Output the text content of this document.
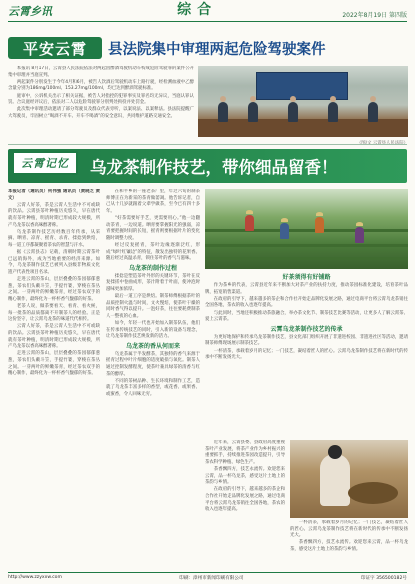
云霄乡讯	综合	2022年8月19日 第四版
平安云霄 县法院集中审理两起危险驾驶案件

本报讯 8月17日，云霄县人民法院依法对两起因醉酒驾驶机动车构成危险驾驶罪的案件公开集中审理并当庭宣判。

两起案件分别发生于今年4月和6月，被告人饮酒后驾驶机动车上路行驶，经检测血液中乙醇含量分别为186mg/100ml、153.27mg/100ml，均已达到醉酒驾驶标准。

庭审中，公诉机关出示了相关证据，被告人对指控的犯罪事实及罪名均无异议，当庭认罪认罚。合议庭经评议后，依法对二人以危险驾驶罪分别判处拘役并处罚金。

此次集中审理活动邀请了部分驾驶员及群众代表旁听，以案说法、以案释法。县法院提醒广大驾驶员，牢固树立“喝酒不开车、开车不喝酒”的安全意识，共同维护道路交通安全。

（图/文 云霄县人民法院）
云霄记忆 乌龙茶制作技艺，带你细品留香！

本报记者（通讯员）何伟强 通讯员（黄晓芝 黄文）

云霄人好茶，茶是云霄人生活中不可或缺的饮品。云霄县茶叶种植历史悠久，早在唐代就有茶叶种植，明清时期已形成较大规模，所产乌龙茶以香高味醇著称。

乌龙茶制作技艺历经数百年传承，从采摘、晒青、凉青、摇青、杀青、揉捻到烘焙，每一道工序都凝聚着茶农的智慧与汗水。

据《云霄县志》记载，清朝时期云霄茶叶已远销海外，成为当地重要的经济来源。如今，乌龙茶制作技艺已被列入县级非物质文化遗产代表性项目名录。

走进云霄的茶山，层层叠叠的茶园郁郁葱葱，茶农们头戴斗笠，手提竹篓，穿梭在茶丛之间。一芽两叶的鲜嫩茶青，经过茶农双手的精心制作，最终化为一杯杯香气馥郁的好茶。

老茶人说，做茶要看天、看青、看火候，每一批茶的品质都离不开制茶人的经验。正是这份坚守，让云霄乌龙茶的味道代代相传。

云霄人好茶，茶是云霄人生活中不可或缺的饮品。云霄县茶叶种植历史悠久，早在唐代就有茶叶种植，明清时期已形成较大规模，所产乌龙茶以香高味醇著称。

走进云霄的茶山，层层叠叠的茶园郁郁葱葱，茶农们头戴斗笠，手提竹篓，穿梭在茶丛之间。一芽两叶的鲜嫩茶青，经过茶农双手的精心制作，最终化为一杯杯香气馥郁的好茶。

在和平乡的一座老茶厂里，年过六旬的制茶师傅正在为新采的茶青做萎凋。他告诉记者，自己从十几岁就跟着父辈学做茶，至今已有四十多年。

“好茶需要好手艺，更需要用心。”他一边翻动茶青，一边说道。晒青要掌握阳光的强弱，凉青要把握时间的长短，摇青则要根据叶片的变化随时调整力度。

经过反复摇青，茶叶边缘逐渐泛红，形成“绿叶红镶边”的特征，散发出独特的花果香。随后经过高温杀青，锁住茶叶的香气与滋味。

乌龙茶的制作过程

揉捻是塑造茶叶外形的关键环节，茶叶在反复揉搓中卷曲成形，茶汁附着于叶面，使冲泡时滋味更加浓厚。

最后一道工序是烘焙。制茶师傅根据茶叶的品质控制火温与时间，文火慢焙，使茶叶干燥的同时香气得以提升。一泡好茶，往往要耗费制茶人一整夜的心血。

如今，年轻一代也开始加入制茶队伍，他们在传承传统技艺的同时，引入新的设备与理念，让乌龙茶制作技艺焕发新的活力。

乌龙茶的香从何而来

乌龙茶属于半发酵茶，其独特的香气来源于摇青过程中叶片细胞的适度破损与氧化。制茶人通过控制发酵程度，使茶叶兼具绿茶的清香与红茶的醇厚。

不同的茶树品种、生长环境和制作工艺，造就了乌龙茶丰富多样的香型，或花香、或果香、或蜜香，令人回味无穷。

好茶须得有好铺路

作为茶乡的代表，云霄县近年来不断加大对茶产业的扶持力度，推动茶园标准化建设，培育茶叶品牌，拓宽销售渠道。

在政府的引导下，越来越多的茶企和合作社开始走品牌化发展之路，通过电商平台将云霄乌龙茶销往全国各地，茶农的收入也逐年提高。

与此同时，当地还积极推动茶旅融合，举办茶文化节、制茶技艺比赛等活动，让更多人了解云霄茶、爱上云霄茶。

云霄乌龙茶制作技艺的传承

为更好地保护和传承乌龙茶制作技艺，县文化部门组织开展了非遗进校园、非遗进社区等活动，邀请制茶师傅现场展示制茶技艺。

一杯清茶，承载着岁月的记忆；一门技艺，凝结着匠人的匠心。云霄乌龙茶制作技艺将在新时代的传承中不断发扬光大。

近年来，云霄县委、县政府高度重视茶叶产业发展，将茶产业作为乡村振兴的重要抓手，持续推进茶园改造提升，引导茶农科学种植、绿色生产。

茶香飘四方，技艺永流传。欢迎您来云霄，品一杯乌龙茶，感受这片土地上的茶韵与乡情。

在政府的引导下，越来越多的茶企和合作社开始走品牌化发展之路，通过电商平台将云霄乌龙茶销往全国各地，茶农的收入也逐年提高。

一杯清茶，承载着岁月的记忆；一门技艺，凝结着匠人的匠心。云霄乌龙茶制作技艺将在新时代的传承中不断发扬光大。

茶香飘四方，技艺永流传。欢迎您来云霄，品一杯乌龙茶，感受这片土地上的茶韵与乡情。

http://www.zzyxxw.com	印刷：漳州市新闻印刷有限公司	印证字 356500182号
